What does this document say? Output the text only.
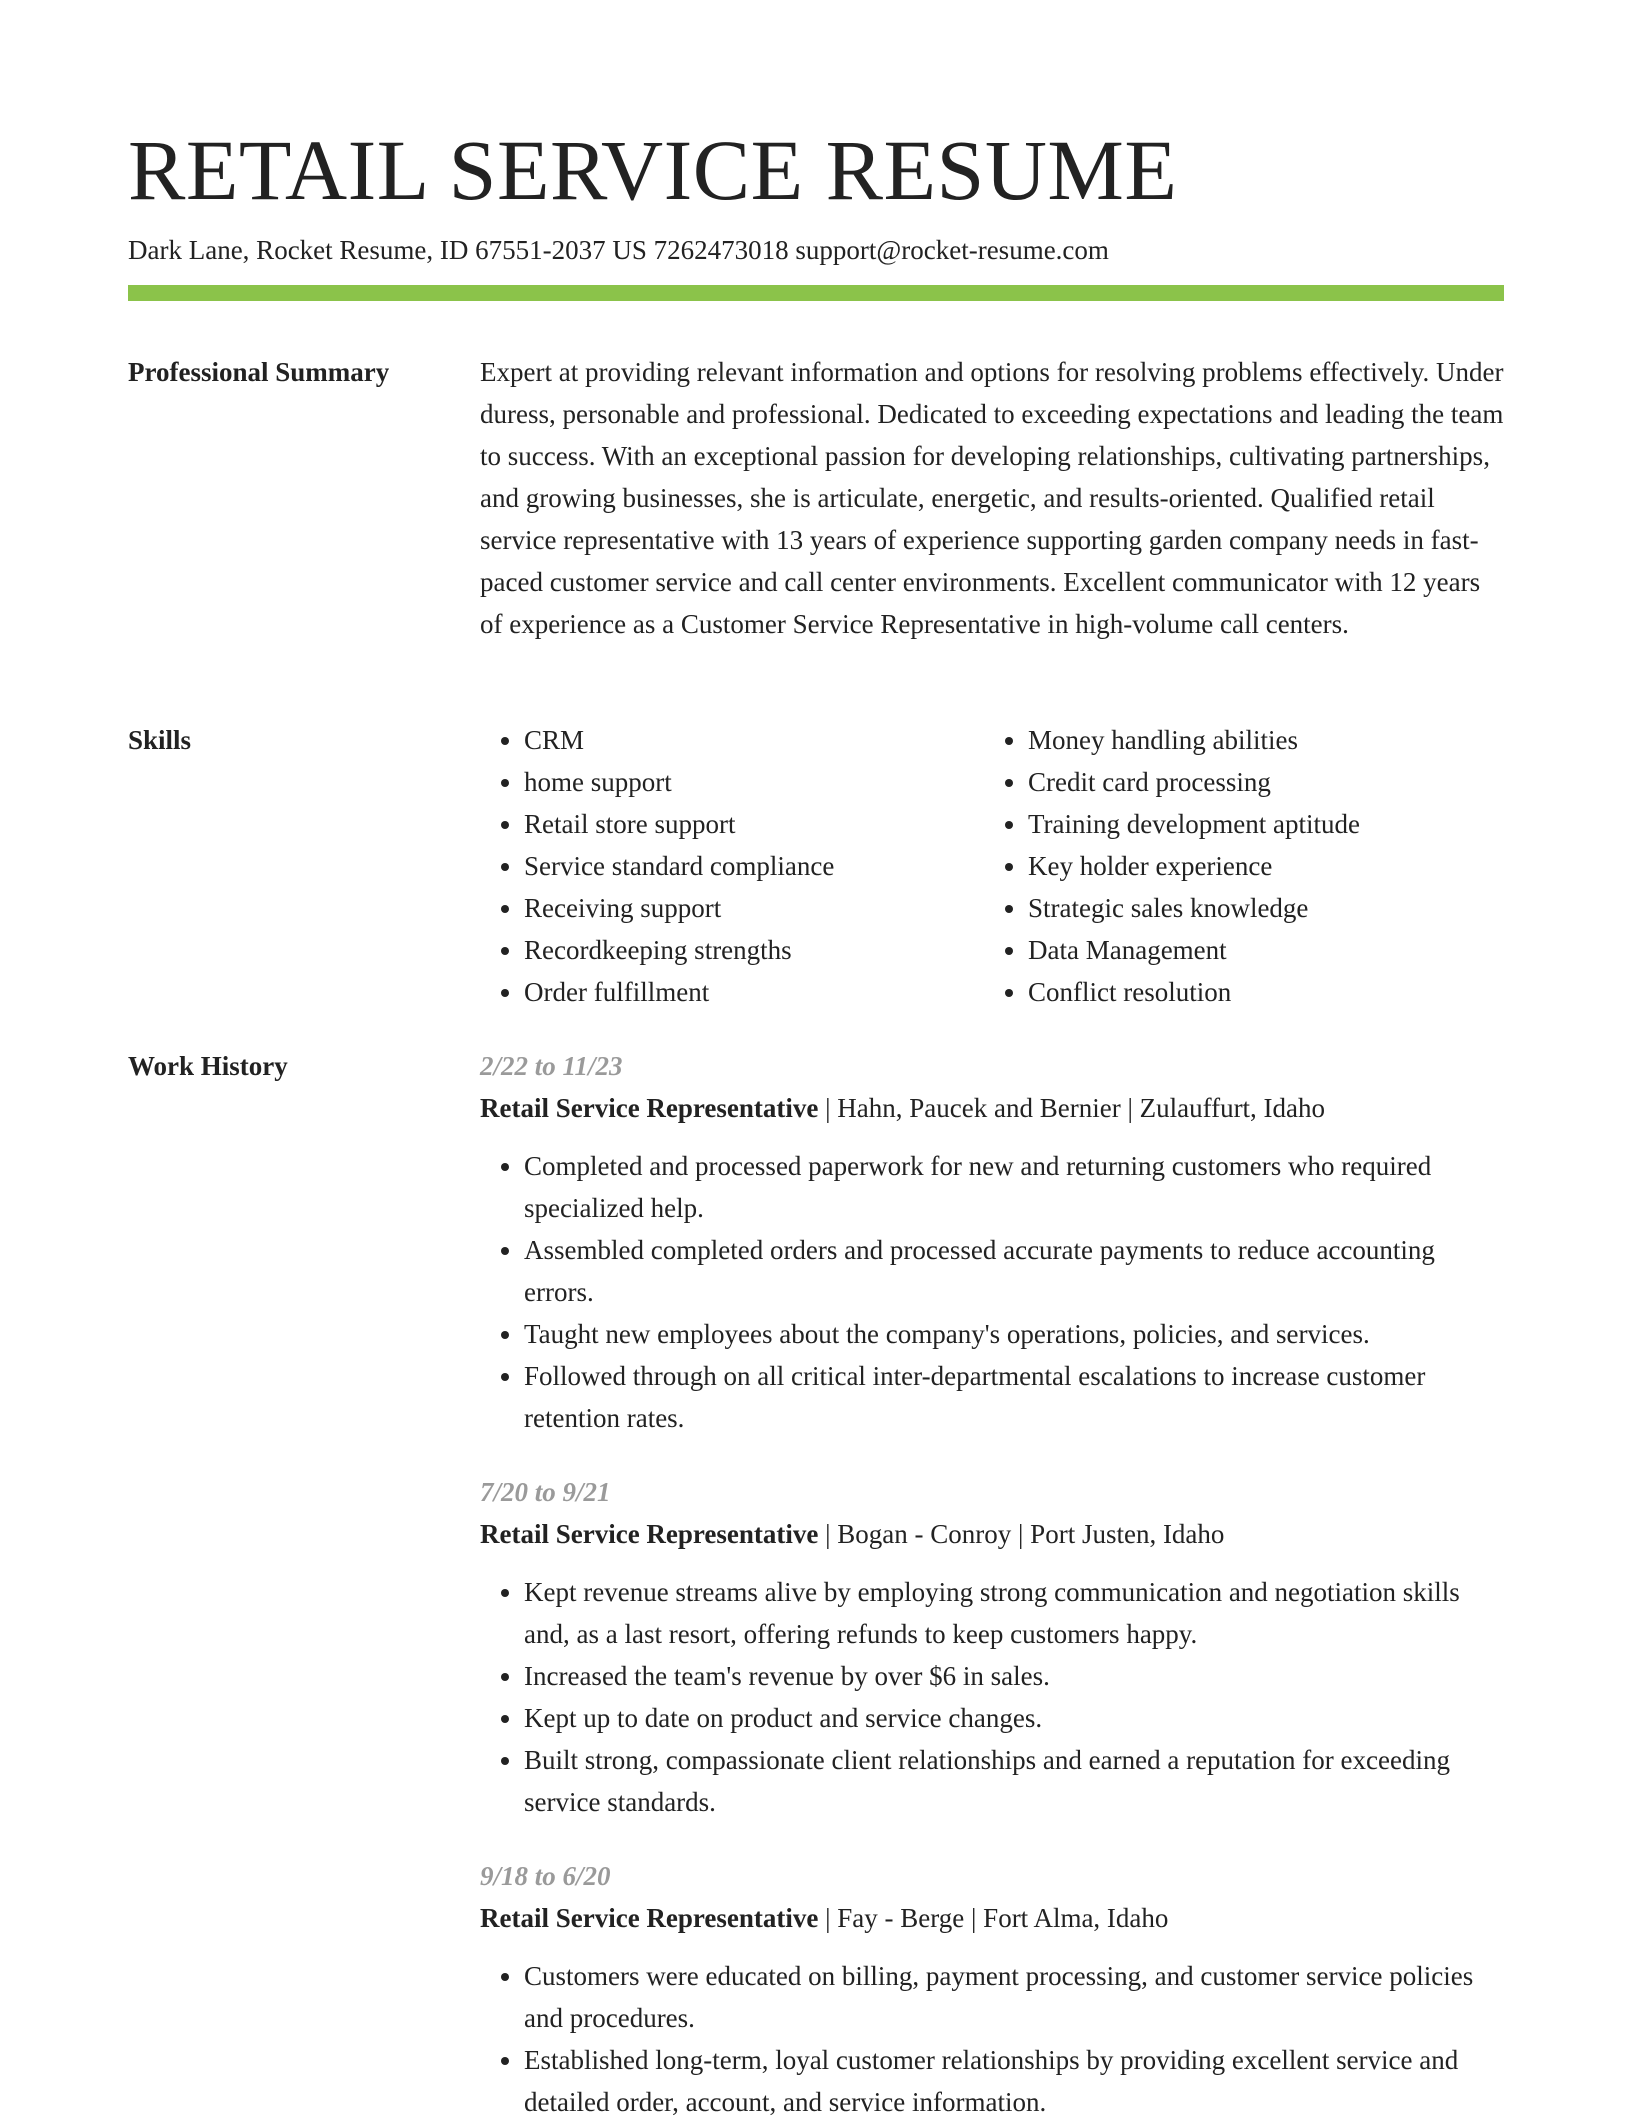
RETAIL SERVICE RESUME
Dark Lane, Rocket Resume, ID 67551-2037 US 7262473018 support@rocket-resume.com
Professional Summary	Expert at providing relevant information and options for resolving problems effectively. Under duress, personable and professional. Dedicated to exceeding expectations and leading the team to success. With an exceptional passion for developing relationships, cultivating partnerships, and growing businesses, she is articulate, energetic, and results-oriented. Qualified retail service representative with 13 years of experience supporting garden company needs in fast-paced customer service and call center environments. Excellent communicator with 12 years of experience as a Customer Service Representative in high-volume call centers.

Skills
•	CRM
• home support
• Retail store support
• Service standard compliance
• Receiving support
• Recordkeeping strengths
• Order fulfillment
• Money handling abilities
• Credit card processing
• Training development aptitude
• Key holder experience
• Strategic sales knowledge
• Data Management
• Conflict resolution
Work History	2/22 to 11/23
Retail Service Representative | Hahn, Paucek and Bernier | Zulauffurt, Idaho
• Completed and processed paperwork for new and returning customers who required specialized help.
• Assembled completed orders and processed accurate payments to reduce accounting errors.
• Taught new employees about the company's operations, policies, and services.
• Followed through on all critical inter-departmental escalations to increase customer retention rates.
7/20 to 9/21
Retail Service Representative | Bogan - Conroy | Port Justen, Idaho
• Kept revenue streams alive by employing strong communication and negotiation skills and, as a last resort, offering refunds to keep customers happy.
• Increased the team's revenue by over $6 in sales.
• Kept up to date on product and service changes.
• Built strong, compassionate client relationships and earned a reputation for exceeding service standards.
9/18 to 6/20
Retail Service Representative | Fay - Berge | Fort Alma, Idaho
• Customers were educated on billing, payment processing, and customer service policies and procedures.
• Established long-term, loyal customer relationships by providing excellent service and detailed order, account, and service information.
